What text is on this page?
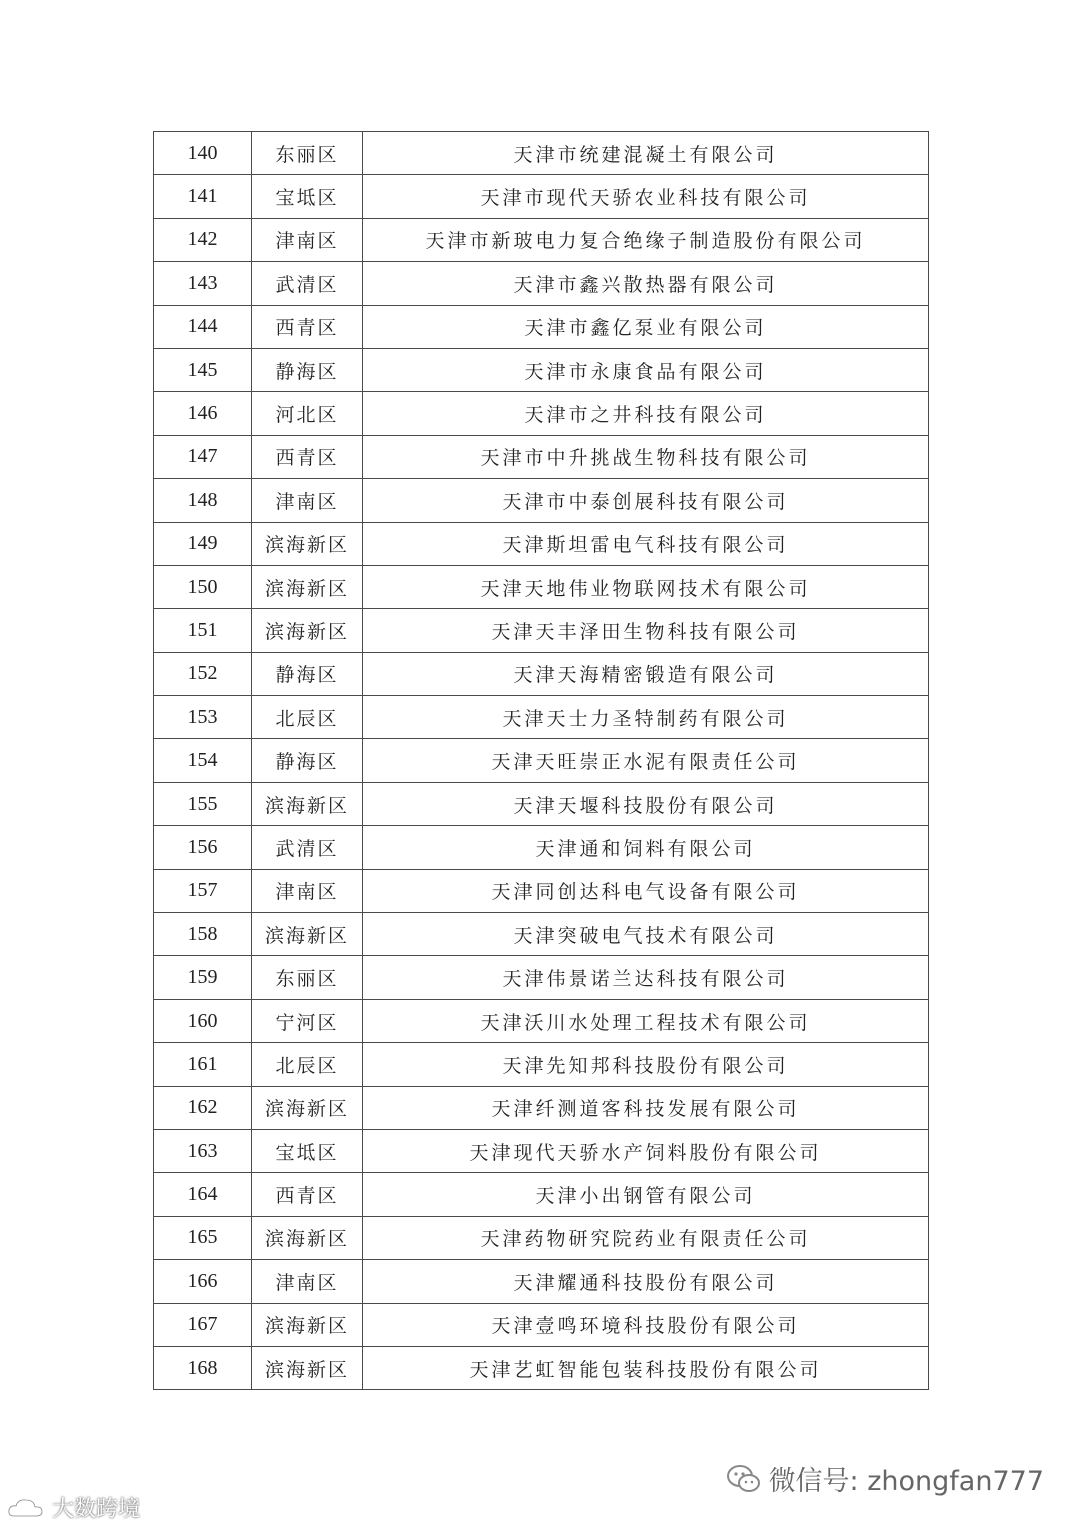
140	东丽区	天津市统建混凝土有限公司
141	宝坻区	天津市现代天骄农业科技有限公司
142	津南区	天津市新玻电力复合绝缘子制造股份有限公司
143	武清区	天津市鑫兴散热器有限公司
144	西青区	天津市鑫亿泵业有限公司
145	静海区	天津市永康食品有限公司
146	河北区	天津市之井科技有限公司
147	西青区	天津市中升挑战生物科技有限公司
148	津南区	天津市中泰创展科技有限公司
149	滨海新区	天津斯坦雷电气科技有限公司
150	滨海新区	天津天地伟业物联网技术有限公司
151	滨海新区	天津天丰泽田生物科技有限公司
152	静海区	天津天海精密锻造有限公司
153	北辰区	天津天士力圣特制药有限公司
154	静海区	天津天旺崇正水泥有限责任公司
155	滨海新区	天津天堰科技股份有限公司
156	武清区	天津通和饲料有限公司
157	津南区	天津同创达科电气设备有限公司
158	滨海新区	天津突破电气技术有限公司
159	东丽区	天津伟景诺兰达科技有限公司
160	宁河区	天津沃川水处理工程技术有限公司
161	北辰区	天津先知邦科技股份有限公司
162	滨海新区	天津纤测道客科技发展有限公司
163	宝坻区	天津现代天骄水产饲料股份有限公司
164	西青区	天津小出钢管有限公司
165	滨海新区	天津药物研究院药业有限责任公司
166	津南区	天津耀通科技股份有限公司
167	滨海新区	天津壹鸣环境科技股份有限公司
168	滨海新区	天津艺虹智能包装科技股份有限公司
微信号: zhongfan777
大数跨境
